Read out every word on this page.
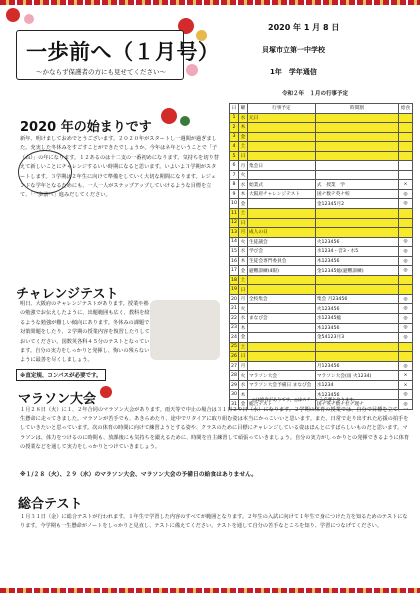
一歩前へ（１月号）
～かならず保護者の方にも見せてください～
2020 年 1 月 8 日
貝塚市立第一中学校
1年　学年通信
令和２年　１月の行事予定
2020 年の始まりです
新年、明けましておめでとうございます。２０２０年がスタートし一週間が過ぎました。充実した冬休みをすごすことができたでしょうか。今年はネ年ということで「子（ね）」の年になります。１２あるのは十二支の一番初めになります。気持ちを切り替えて新しいことにチャレンジするいい時期になると思います。いよいよ３学期がスタートします。３学期は２年生に向けて準備をしていく大切な期間になります。レジェンドな学年となるためにも、一人一人がステップアップしていけるような目標を立て、「一歩前へ」進みだしてください。
チャレンジテスト
明日、大阪府のチャレンジテストがあります。授業や塾の勉強でお伝えしたように、出題範囲も広く、教科を絞るような勉強が難しい傾向にあります。冬休みの課題で対策問題をしたり、２学期の授業内容を復習したりしておいてください。国数英各科４５分のテストとなっています。自分の実力をしっかりと発揮し、悔いの残らないように最善を尽くしましょう。
※直定規、コンパスが必要です。
日	曜	行事予定	時間割	給食
1	水	元日		
2	木			
3	金			
4	土			
5	日			
6	月	集会日		
7	火			
8	水	始業式	式　授業　学	×
9	木	大阪府チャレンジテスト	国ナ数テ英ナ校	◎
10	金		金12345月2	◎
11	土			
12	日			
13	月	成人の日		
14	火	生徒議会	火123456	◎
15	水	学び会	水1234・音3・水5	◎
16	木	生徒会専門委員会	木123456	◎
17	金	避難訓練(4限)	金12345総(避難訓練)	◎
18	土			
19	日			
20	月	全校集会	集会 月23456	◎
21	火		火123456	◎
22	水	まなび会	水12345総	◎
23	木		木123456	◎
24	金		金54123月3	◎
25	土			
26	日			
27	月		月123456	◎
28	火	マラソン大会	マラソン大会(雨 火1234)	×
29	水	マラソン大会予備日 まなび会	水1234	×
30	木		木123456	◎
31	金	総合テスト	国ナ英ナ数ナ社ナ理ナ	◎
マラソン大会	◎は給食がありです。◎はスチーンる必要となります。
１月２８日（火）に１、２年合同のマラソン大会があります。雨天等で中止の場合は３１日２９日（水）になります。２学期の体育の授業では、自分で目標を立て、一生懸命に走ってきました。マラソンが苦手でも、あきらめたり、途中でリタイアに取り組む姿は本当にかっこいいと思います。また、日常で走り出すれた応援の拍手をしていきたいと思っています。次の体育の時間に向けて練習ようとする姿や、クラスのために目標にチャレンジしている姿はほんとにすばらしいものだと思います。マラソンは、体力をつけるのに時間も、放課後にも気持ちを鍛えるために、時間を自主練習して頑張っていきましょう。自分の実力がしっかりとの発揮できるように体育の授業などを通して実力をしっかりとつけていきましょう。
※１/２８（火）、２９（水）のマラソン大会、マラソン大会の予備日の給食はありません。
総合テスト
１月３１日（金）に総合テストが行われます。１年生で学習した内容のすべてが範囲となります。２年生の入試に向けて１年生で身につけた力を知るためのテストになります。今学期も一生懸命がノートをしっかりと見直し、テストに備えてください。テストを通して自分の苦手なところを知り、学習につなげてください。
